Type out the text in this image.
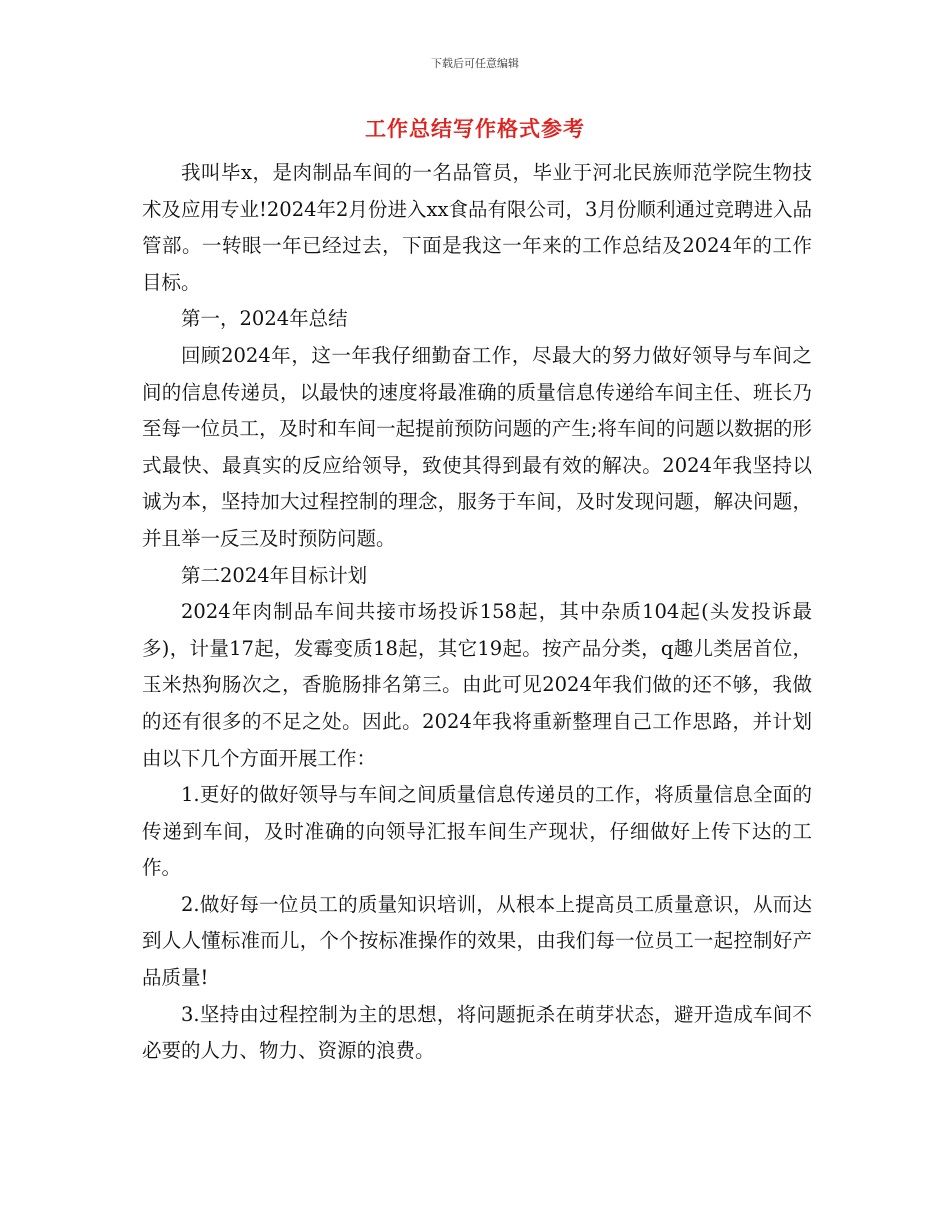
下载后可任意编辑
工作总结写作格式参考

我叫毕x，是肉制品车间的一名品管员，毕业于河北民族师范学院生物技术及应用专业!2024年2月份进入xx食品有限公司，3月份顺利通过竞聘进入品管部。一转眼一年已经过去，下面是我这一年来的工作总结及2024年的工作目标。

第一，2024年总结

回顾2024年，这一年我仔细勤奋工作，尽最大的努力做好领导与车间之间的信息传递员，以最快的速度将最准确的质量信息传递给车间主任、班长乃至每一位员工，及时和车间一起提前预防问题的产生;将车间的问题以数据的形式最快、最真实的反应给领导，致使其得到最有效的解决。2024年我坚持以诚为本，坚持加大过程控制的理念，服务于车间，及时发现问题，解决问题，并且举一反三及时预防问题。

第二2024年目标计划

2024年肉制品车间共接市场投诉158起，其中杂质104起(头发投诉最多)，计量17起，发霉变质18起，其它19起。按产品分类，q趣儿类居首位，玉米热狗肠次之，香脆肠排名第三。由此可见2024年我们做的还不够，我做的还有很多的不足之处。因此。2024年我将重新整理自己工作思路，并计划由以下几个方面开展工作：

1.更好的做好领导与车间之间质量信息传递员的工作，将质量信息全面的传递到车间，及时准确的向领导汇报车间生产现状，仔细做好上传下达的工作。

2.做好每一位员工的质量知识培训，从根本上提高员工质量意识，从而达到人人懂标准而儿，个个按标准操作的效果，由我们每一位员工一起控制好产品质量!

3.坚持由过程控制为主的思想，将问题扼杀在萌芽状态，避开造成车间不必要的人力、物力、资源的浪费。
